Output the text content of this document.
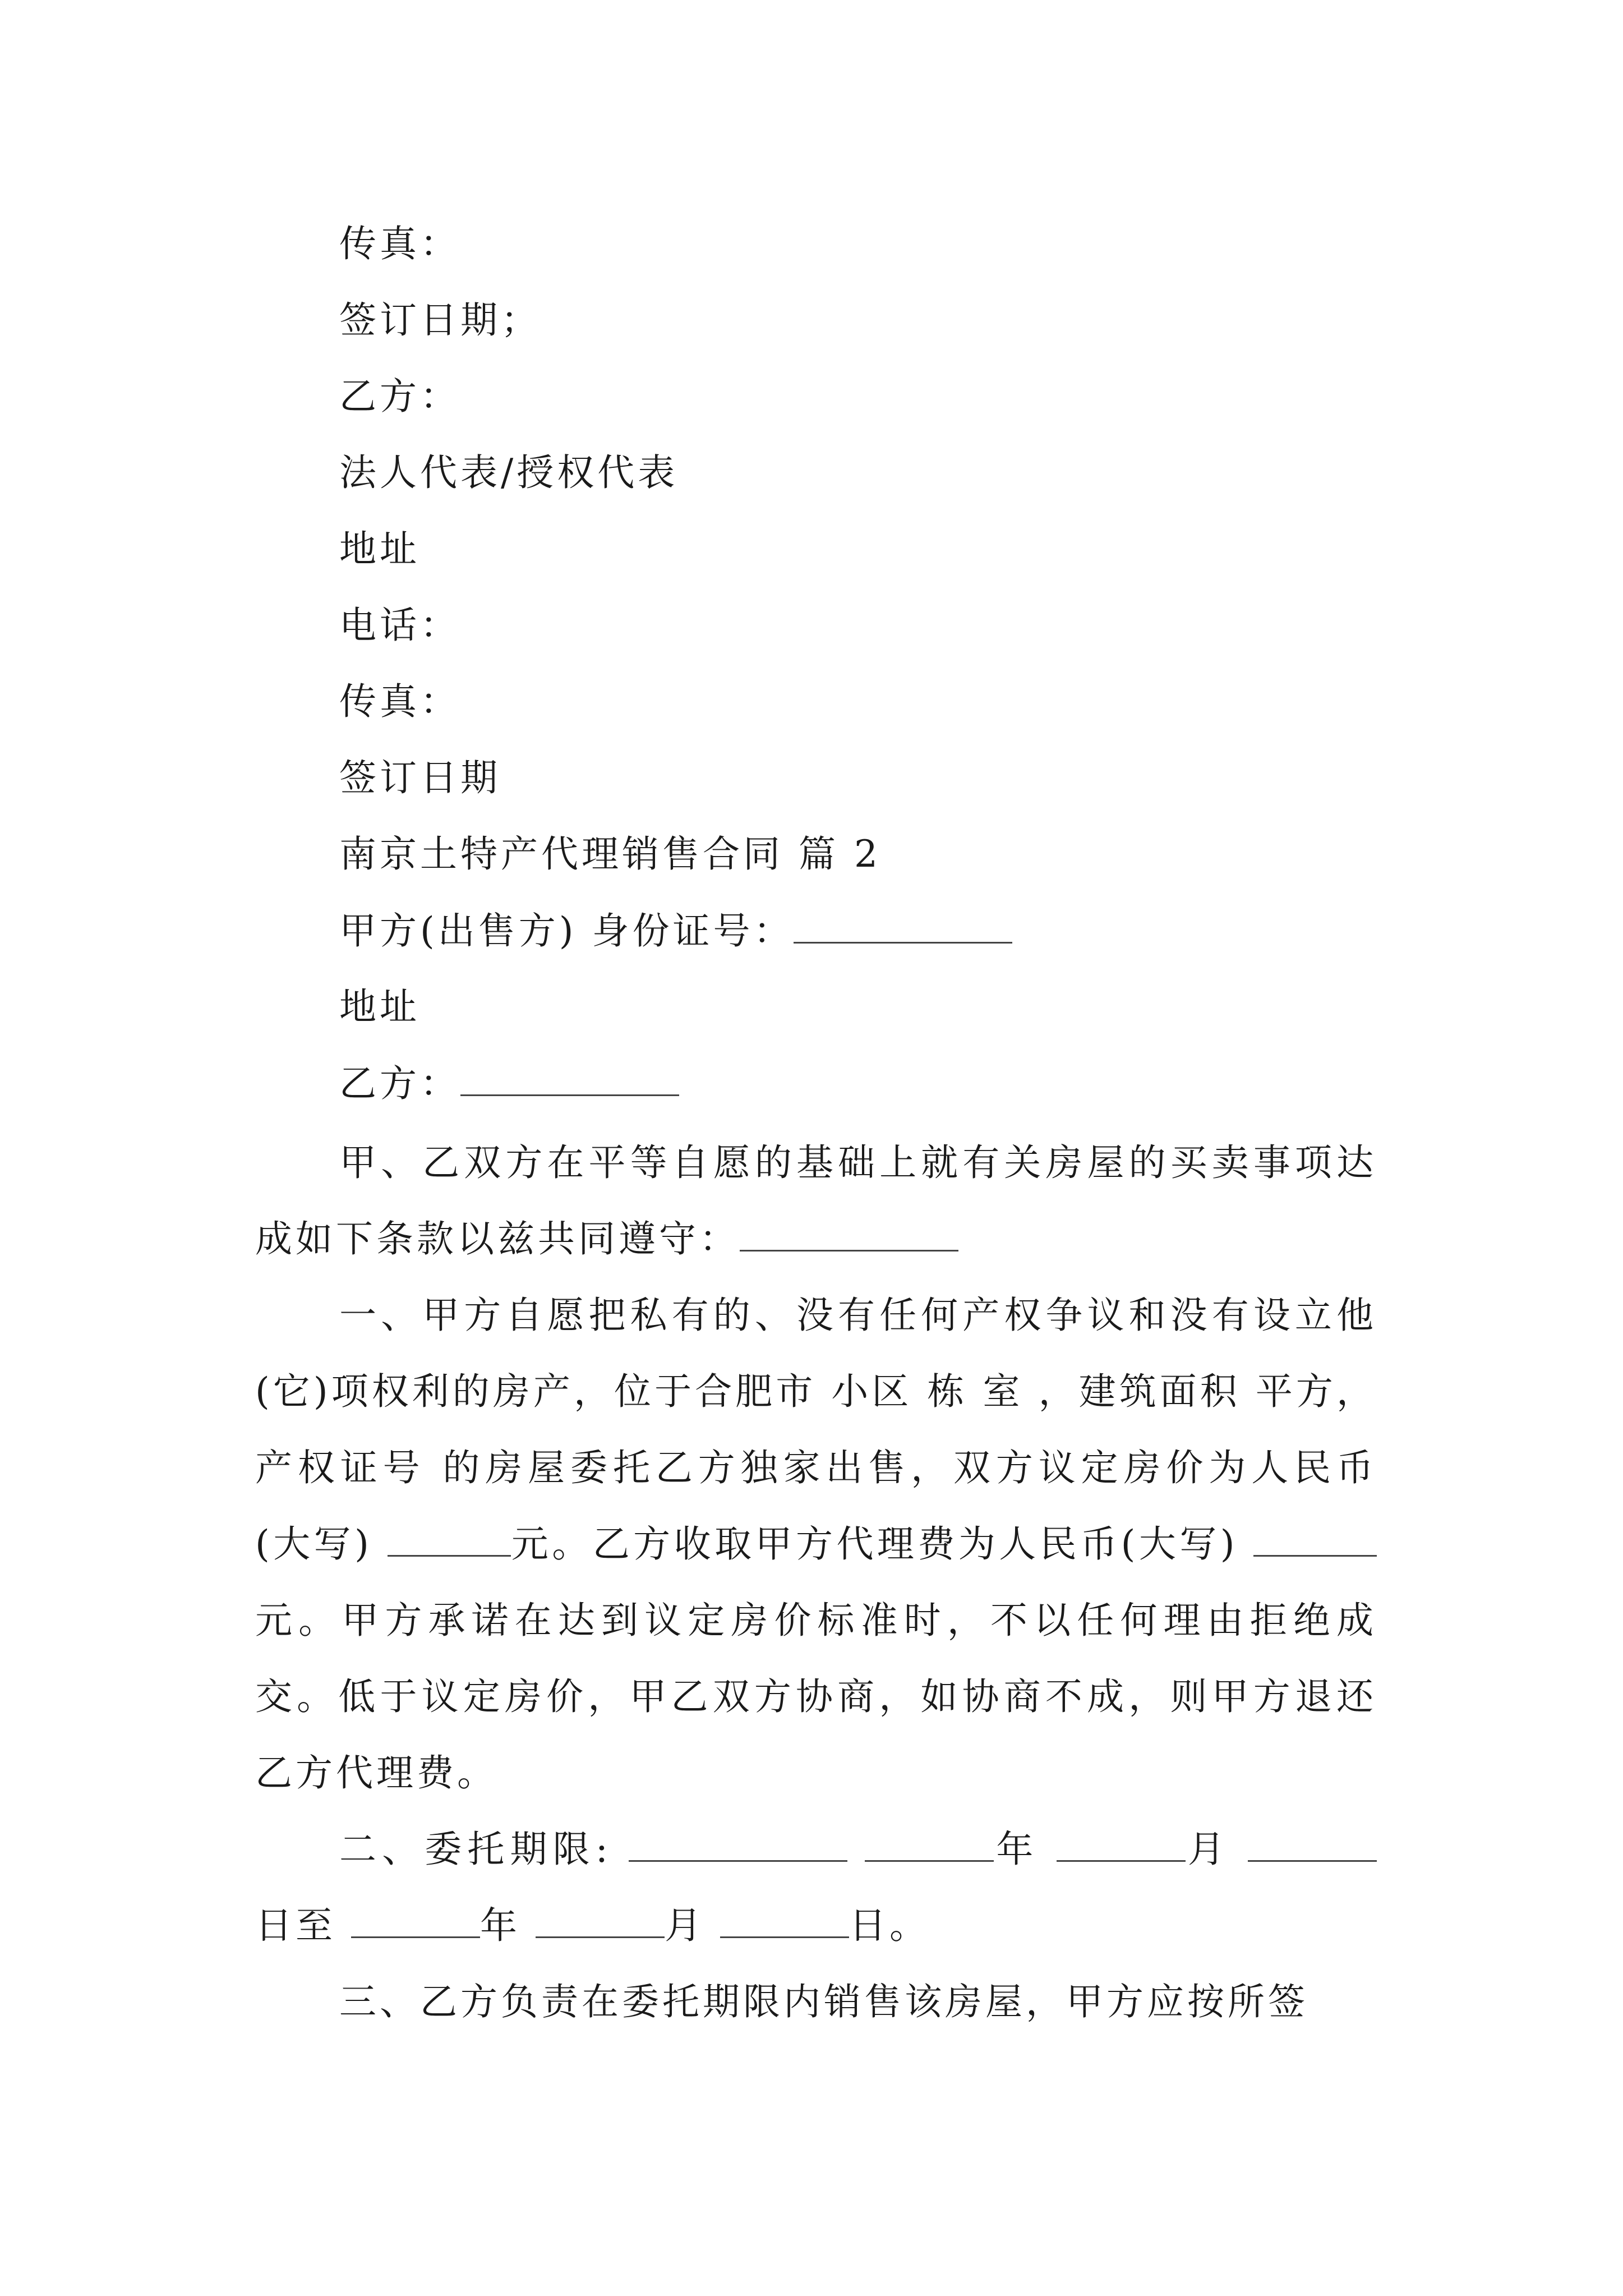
传真：
签订日期；
乙方：
法人代表/授权代表
地址
电话：
传真：
签订日期
南京土特产代理销售合同 篇 2
甲方(出售方) 身份证号：
地址
乙方：

甲、乙双方在平等自愿的基础上就有关房屋的买卖事项达成如下条款以兹共同遵守：

一、甲方自愿把私有的、没有任何产权争议和没有设立他(它)项权利的房产，位于合肥市 小区 栋 室 ，建筑面积 平方，产权证号 的房屋委托乙方独家出售，双方议定房价为人民币(大写)	元。乙方收取甲方代理费为人民币(大写) 元。甲方承诺在达到议定房价标准时，不以任何理由拒绝成交。低于议定房价，甲乙双方协商，如协商不成，则甲方退还乙方代理费。

二、委托期限:	年	月 日至	年	月	日。

三、乙方负责在委托期限内销售该房屋，甲方应按所签
